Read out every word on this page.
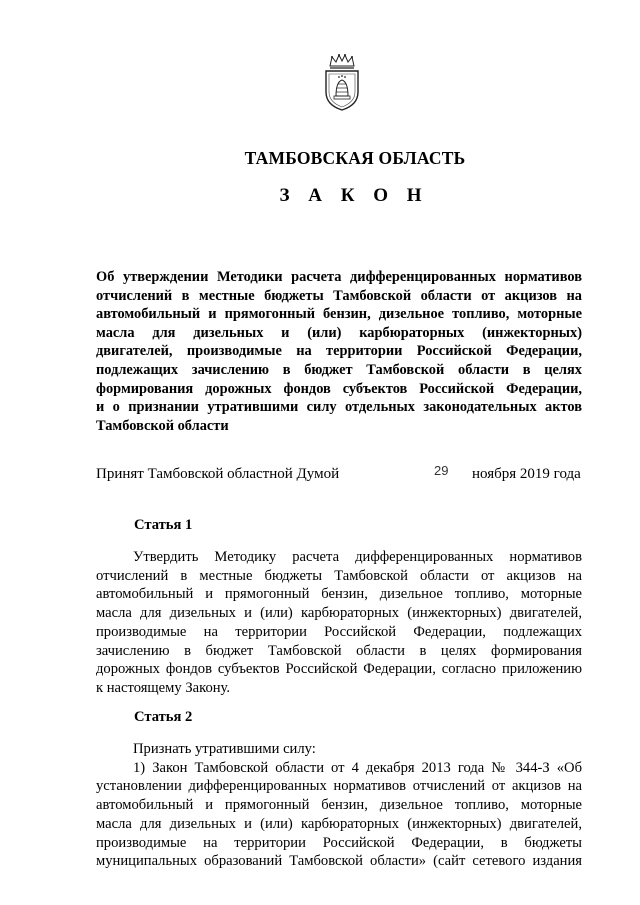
ТАМБОВСКАЯ ОБЛАСТЬ
З А К О Н
Об утверждении Методики расчета дифференцированных нормативов
отчислений в местные бюджеты Тамбовской области от акцизов на
автомобильный и прямогонный бензин, дизельное топливо, моторные
масла для дизельных и (или) карбюраторных (инжекторных)
двигателей, производимые на территории Российской Федерации,
подлежащих зачислению в бюджет Тамбовской области в целях
формирования дорожных фондов субъектов Российской Федерации,
и о признании утратившими силу отдельных законодательных актов
Тамбовской области
Принят Тамбовской областной Думой	29 ноября 2019 года
Статья 1
Утвердить Методику расчета дифференцированных нормативов
отчислений в местные бюджеты Тамбовской области от акцизов на
автомобильный и прямогонный бензин, дизельное топливо, моторные
масла для дизельных и (или) карбюраторных (инжекторных) двигателей,
производимые на территории Российской Федерации, подлежащих
зачислению в бюджет Тамбовской области в целях формирования
дорожных фондов субъектов Российской Федерации, согласно приложению
к настоящему Закону.
Статья 2
Признать утратившими силу:
1) Закон Тамбовской области от 4 декабря 2013 года № 344-З «Об
установлении дифференцированных нормативов отчислений от акцизов на
автомобильный и прямогонный бензин, дизельное топливо, моторные
масла для дизельных и (или) карбюраторных (инжекторных) двигателей,
производимые на территории Российской Федерации, в бюджеты
муниципальных образований Тамбовской области» (сайт сетевого издания
